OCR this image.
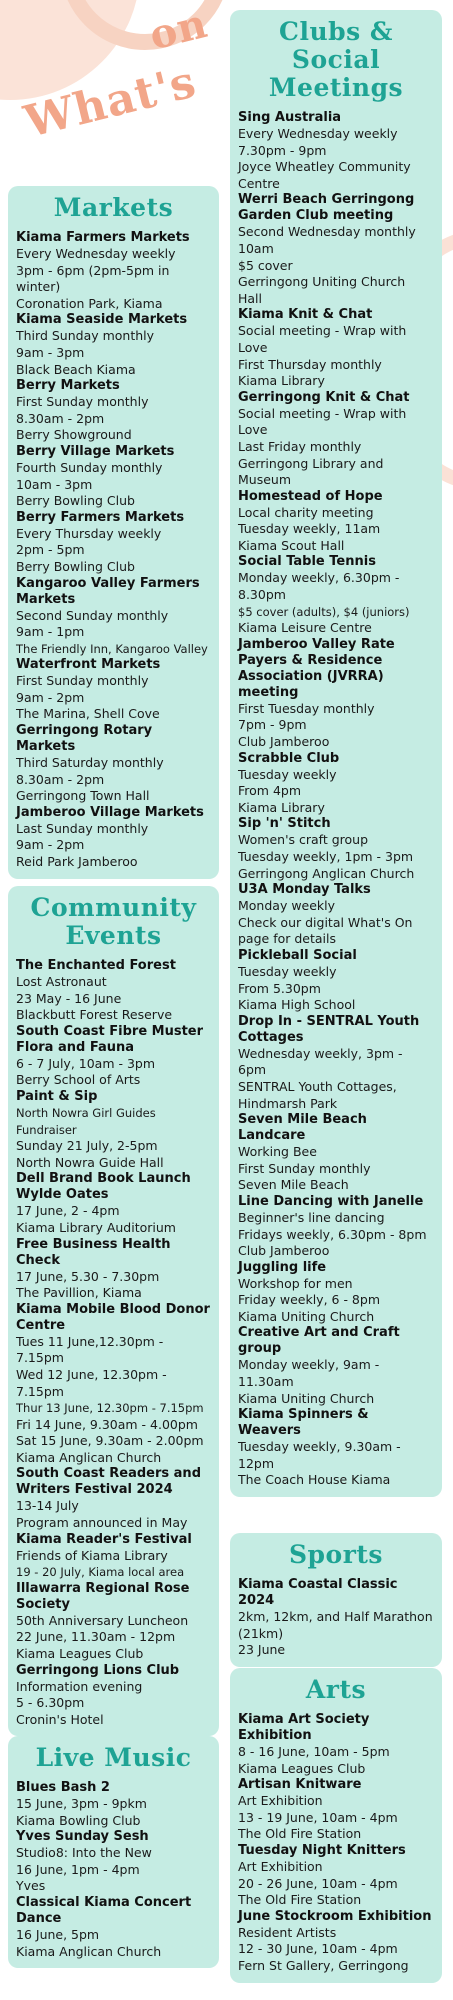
What's
on
Markets
Kiama Farmers Markets
Every Wednesday weekly
3pm - 6pm (2pm-5pm in
winter)
Coronation Park, Kiama
Kiama Seaside Markets
Third Sunday monthly
9am - 3pm
Black Beach Kiama
Berry Markets
First Sunday monthly
8.30am - 2pm
Berry Showground
Berry Village Markets
Fourth Sunday monthly
10am - 3pm
Berry Bowling Club
Berry Farmers Markets
Every Thursday weekly
2pm - 5pm
Berry Bowling Club
Kangaroo Valley Farmers Markets
Second Sunday monthly
9am - 1pm
The Friendly Inn, Kangaroo Valley
Waterfront Markets
First Sunday monthly
9am - 2pm
The Marina, Shell Cove
Gerringong Rotary Markets
Third Saturday monthly
8.30am - 2pm
Gerringong Town Hall
Jamberoo Village Markets
Last Sunday monthly
9am - 2pm
Reid Park Jamberoo
Community Events
The Enchanted Forest
Lost Astronaut
23 May - 16 June
Blackbutt Forest Reserve
South Coast Fibre Muster Flora and Fauna
6 - 7 July, 10am - 3pm
Berry School of Arts
Paint & Sip
North Nowra Girl Guides Fundraiser
Sunday 21 July, 2-5pm
North Nowra Guide Hall
Dell Brand Book Launch Wylde Oates
17 June, 2 - 4pm
Kiama Library Auditorium
Free Business Health Check
17 June, 5.30 - 7.30pm
The Pavillion, Kiama
Kiama Mobile Blood Donor Centre
Tues 11 June,12.30pm - 7.15pm
Wed 12 June, 12.30pm - 7.15pm
Thur 13 June, 12.30pm - 7.15pm
Fri 14 June, 9.30am - 4.00pm
Sat 15 June, 9.30am - 2.00pm
Kiama Anglican Church
South Coast Readers and Writers Festival 2024
13-14 July
Program announced in May
Kiama Reader's Festival
Friends of Kiama Library
19 - 20 July, Kiama local area
Illawarra Regional Rose Society
50th Anniversary Luncheon
22 June, 11.30am - 12pm
Kiama Leagues Club
Gerringong Lions Club
Information evening
5 - 6.30pm
Cronin's Hotel
Live Music
Blues Bash 2
15 June, 3pm - 9pkm
Kiama Bowling Club
Yves Sunday Sesh
Studio8: Into the New
16 June, 1pm - 4pm
Yves
Classical Kiama Concert Dance
16 June, 5pm
Kiama Anglican Church
Clubs & Social Meetings
Sing Australia
Every Wednesday weekly
7.30pm - 9pm
Joyce Wheatley Community
Centre
Werri Beach Gerringong Garden Club meeting
Second Wednesday monthly
10am
$5 cover
Gerringong Uniting Church
Hall
Kiama Knit & Chat
Social meeting - Wrap with
Love
First Thursday monthly
Kiama Library
Gerringong Knit & Chat
Social meeting - Wrap with
Love
Last Friday monthly
Gerringong Library and
Museum
Homestead of Hope
Local charity meeting
Tuesday weekly, 11am
Kiama Scout Hall
Social Table Tennis
Monday weekly, 6.30pm -
8.30pm
$5 cover (adults), $4 (juniors)
Kiama Leisure Centre
Jamberoo Valley Rate Payers & Residence Association (JVRRA) meeting
First Tuesday monthly
7pm - 9pm
Club Jamberoo
Scrabble Club
Tuesday weekly
From 4pm
Kiama Library
Sip 'n' Stitch
Women's craft group
Tuesday weekly, 1pm - 3pm
Gerringong Anglican Church
U3A Monday Talks
Monday weekly
Check our digital What's On
page for details
Pickleball Social
Tuesday weekly
From 5.30pm
Kiama High School
Drop In - SENTRAL Youth Cottages
Wednesday weekly, 3pm -
6pm
SENTRAL Youth Cottages,
Hindmarsh Park
Seven Mile Beach Landcare
Working Bee
First Sunday monthly
Seven Mile Beach
Line Dancing with Janelle
Beginner's line dancing
Fridays weekly, 6.30pm - 8pm
Club Jamberoo
Juggling life
Workshop for men
Friday weekly, 6 - 8pm
Kiama Uniting Church
Creative Art and Craft group
Monday weekly, 9am - 11.30am
Kiama Uniting Church
Kiama Spinners & Weavers
Tuesday weekly, 9.30am -
12pm
The Coach House Kiama
Sports
Kiama Coastal Classic 2024
2km, 12km, and Half Marathon
(21km)
23 June
Arts
Kiama Art Society Exhibition
8 - 16 June, 10am - 5pm
Kiama Leagues Club
Artisan Knitware
Art Exhibition
13 - 19 June, 10am - 4pm
The Old Fire Station
Tuesday Night Knitters
Art Exhibition
20 - 26 June, 10am - 4pm
The Old Fire Station
June Stockroom Exhibition
Resident Artists
12 - 30 June, 10am - 4pm
Fern St Gallery, Gerringong
